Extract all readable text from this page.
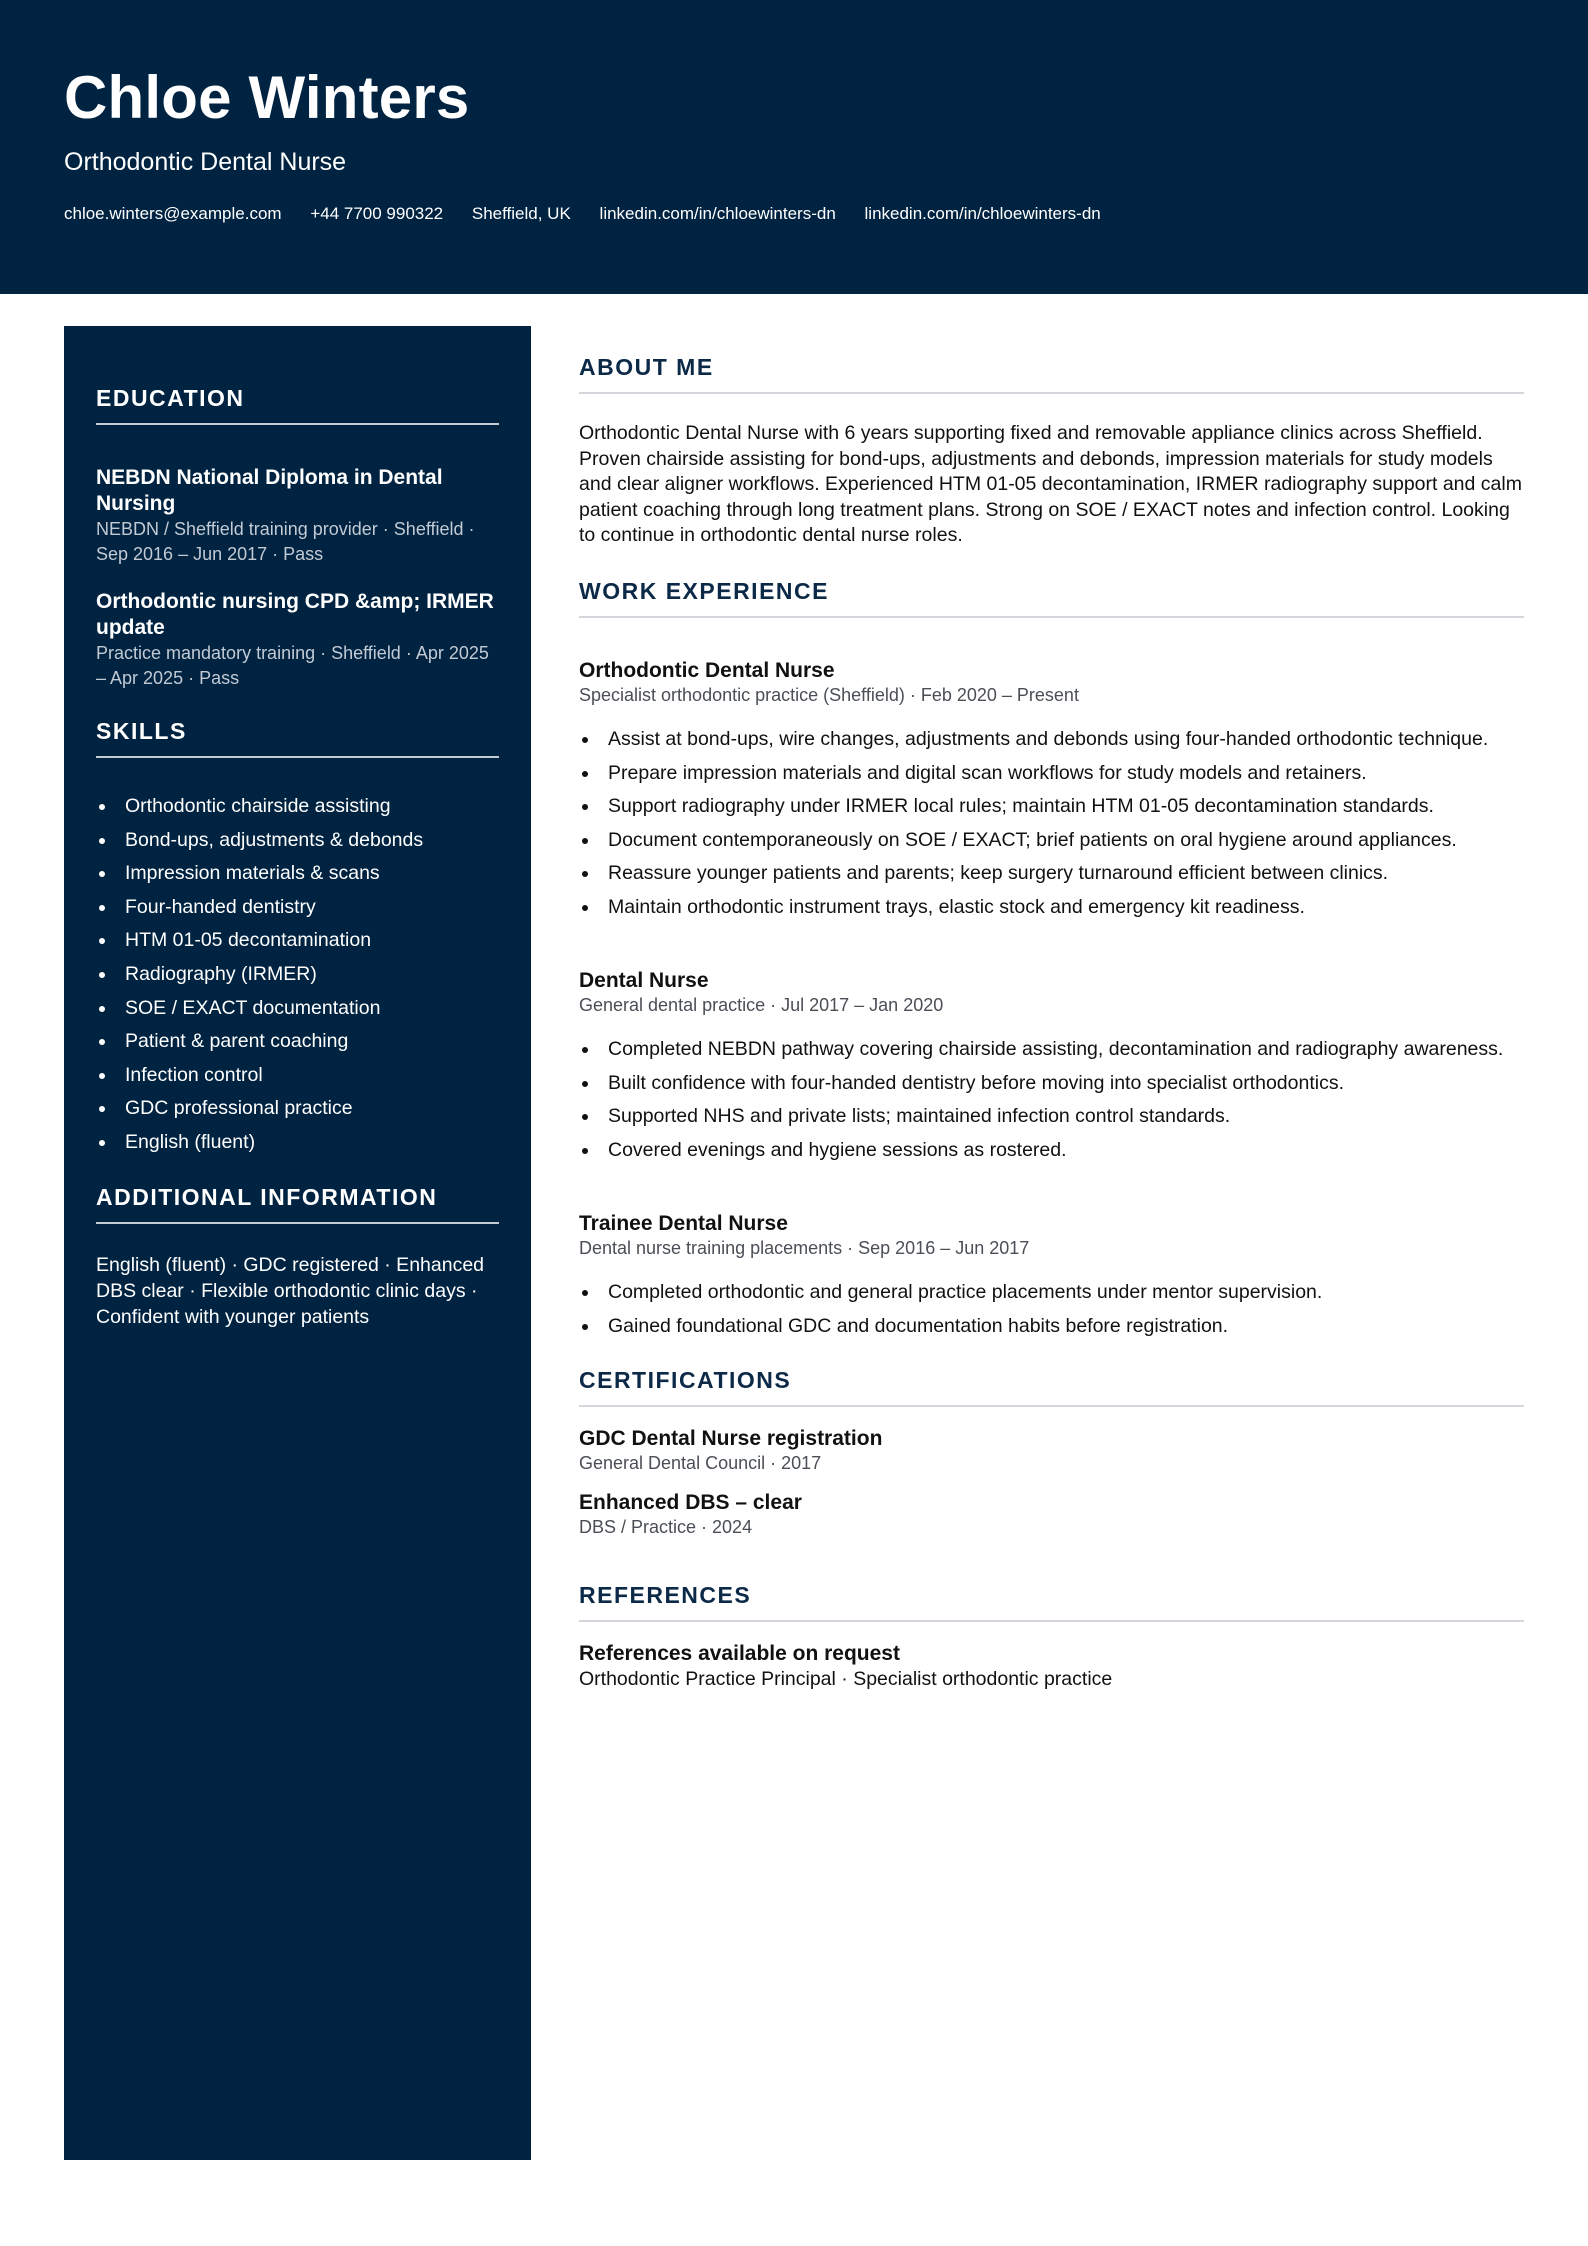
Chloe Winters
Orthodontic Dental Nurse
chloe.winters@example.com +44 7700 990322 Sheffield, UK linkedin.com/in/chloewinters-dn linkedin.com/in/chloewinters-dn
EDUCATION
NEBDN National Diploma in Dental Nursing
NEBDN / Sheffield training provider · Sheffield · Sep 2016 – Jun 2017 · Pass
Orthodontic nursing CPD &amp; IRMER update
Practice mandatory training · Sheffield · Apr 2025 – Apr 2025 · Pass
SKILLS
Orthodontic chairside assisting
Bond-ups, adjustments & debonds
Impression materials & scans
Four-handed dentistry
HTM 01-05 decontamination
Radiography (IRMER)
SOE / EXACT documentation
Patient & parent coaching
Infection control
GDC professional practice
English (fluent)
ADDITIONAL INFORMATION
English (fluent) · GDC registered · Enhanced DBS clear · Flexible orthodontic clinic days · Confident with younger patients
ABOUT ME
Orthodontic Dental Nurse with 6 years supporting fixed and removable appliance clinics across Sheffield. Proven chairside assisting for bond-ups, adjustments and debonds, impression materials for study models and clear aligner workflows. Experienced HTM 01-05 decontamination, IRMER radiography support and calm patient coaching through long treatment plans. Strong on SOE / EXACT notes and infection control. Looking to continue in orthodontic dental nurse roles.
WORK EXPERIENCE
Orthodontic Dental Nurse
Specialist orthodontic practice (Sheffield) · Feb 2020 – Present
Assist at bond-ups, wire changes, adjustments and debonds using four-handed orthodontic technique.
Prepare impression materials and digital scan workflows for study models and retainers.
Support radiography under IRMER local rules; maintain HTM 01-05 decontamination standards.
Document contemporaneously on SOE / EXACT; brief patients on oral hygiene around appliances.
Reassure younger patients and parents; keep surgery turnaround efficient between clinics.
Maintain orthodontic instrument trays, elastic stock and emergency kit readiness.
Dental Nurse
General dental practice · Jul 2017 – Jan 2020
Completed NEBDN pathway covering chairside assisting, decontamination and radiography awareness.
Built confidence with four-handed dentistry before moving into specialist orthodontics.
Supported NHS and private lists; maintained infection control standards.
Covered evenings and hygiene sessions as rostered.
Trainee Dental Nurse
Dental nurse training placements · Sep 2016 – Jun 2017
Completed orthodontic and general practice placements under mentor supervision.
Gained foundational GDC and documentation habits before registration.
CERTIFICATIONS
GDC Dental Nurse registration
General Dental Council · 2017
Enhanced DBS – clear
DBS / Practice · 2024
REFERENCES
References available on request
Orthodontic Practice Principal · Specialist orthodontic practice
